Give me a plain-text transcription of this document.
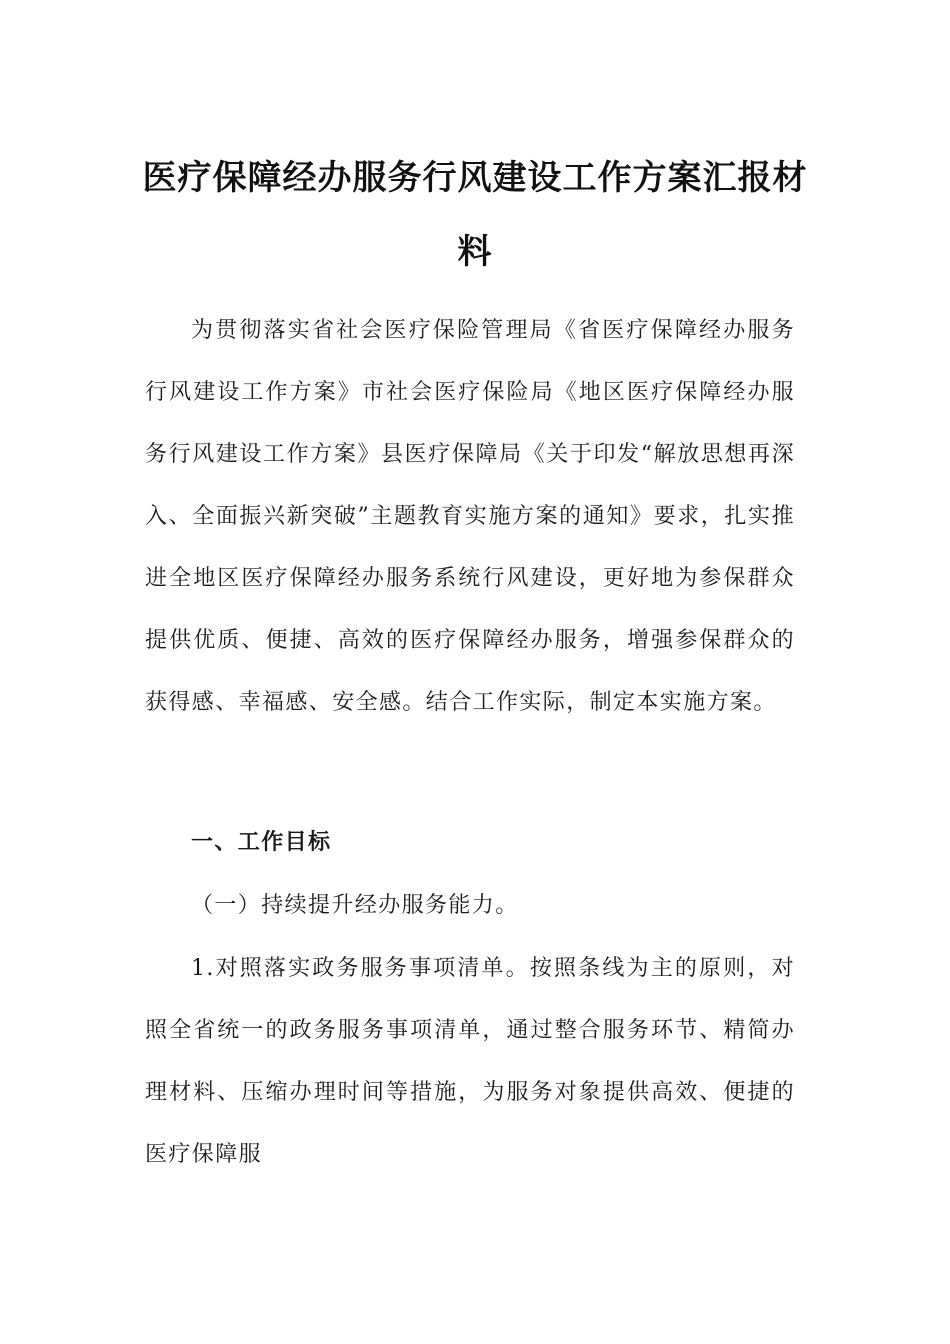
医疗保障经办服务行风建设工作方案汇报材料

为贯彻落实省社会医疗保险管理局《省医疗保障经办服务行风建设工作方案》市社会医疗保险局《地区医疗保障经办服务行风建设工作方案》县医疗保障局《关于印发“解放思想再深入、全面振兴新突破”主题教育实施方案的通知》要求，扎实推进全地区医疗保障经办服务系统行风建设，更好地为参保群众提供优质、便捷、高效的医疗保障经办服务，增强参保群众的获得感、幸福感、安全感。结合工作实际，制定本实施方案。

一、工作目标

（一）持续提升经办服务能力。

1.对照落实政务服务事项清单。按照条线为主的原则，对照全省统一的政务服务事项清单，通过整合服务环节、精简办理材料、压缩办理时间等措施，为服务对象提供高效、便捷的医疗保障服
